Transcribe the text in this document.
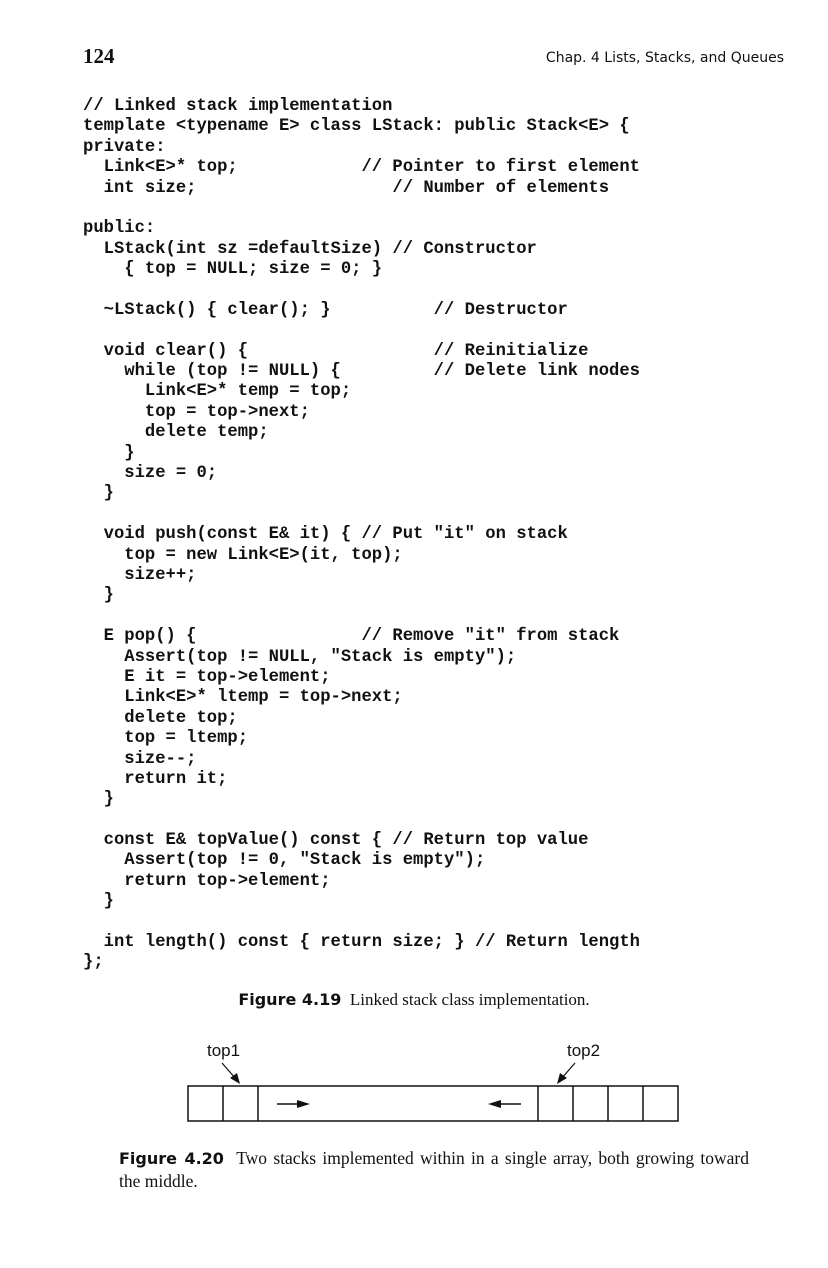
124	Chap. 4 Lists, Stacks, and Queues
// Linked stack implementation
template <typename E> class LStack: public Stack<E> {
private:
Link<E>* top;            // Pointer to first element
int size;                   // Number of elements
public:
LStack(int sz =defaultSize) // Constructor
{ top = NULL; size = 0; }
~LStack() { clear(); }          // Destructor
void clear() {                  // Reinitialize
while (top != NULL) {         // Delete link nodes
Link<E>* temp = top;
top = top->next;
delete temp;
}
size = 0;
}
void push(const E& it) { // Put "it" on stack
top = new Link<E>(it, top);
size++;
}
E pop() {                // Remove "it" from stack
Assert(top != NULL, "Stack is empty");
E it = top->element;
Link<E>* ltemp = top->next;
delete top;
top = ltemp;
size--;
return it;
}
const E& topValue() const { // Return top value
Assert(top != 0, "Stack is empty");
return top->element;
}
int length() const { return size; } // Return length
};
Figure 4.19 Linked stack class implementation.
top1	top2
Figure 4.20 Two stacks implemented within in a single array, both growing toward the middle.
